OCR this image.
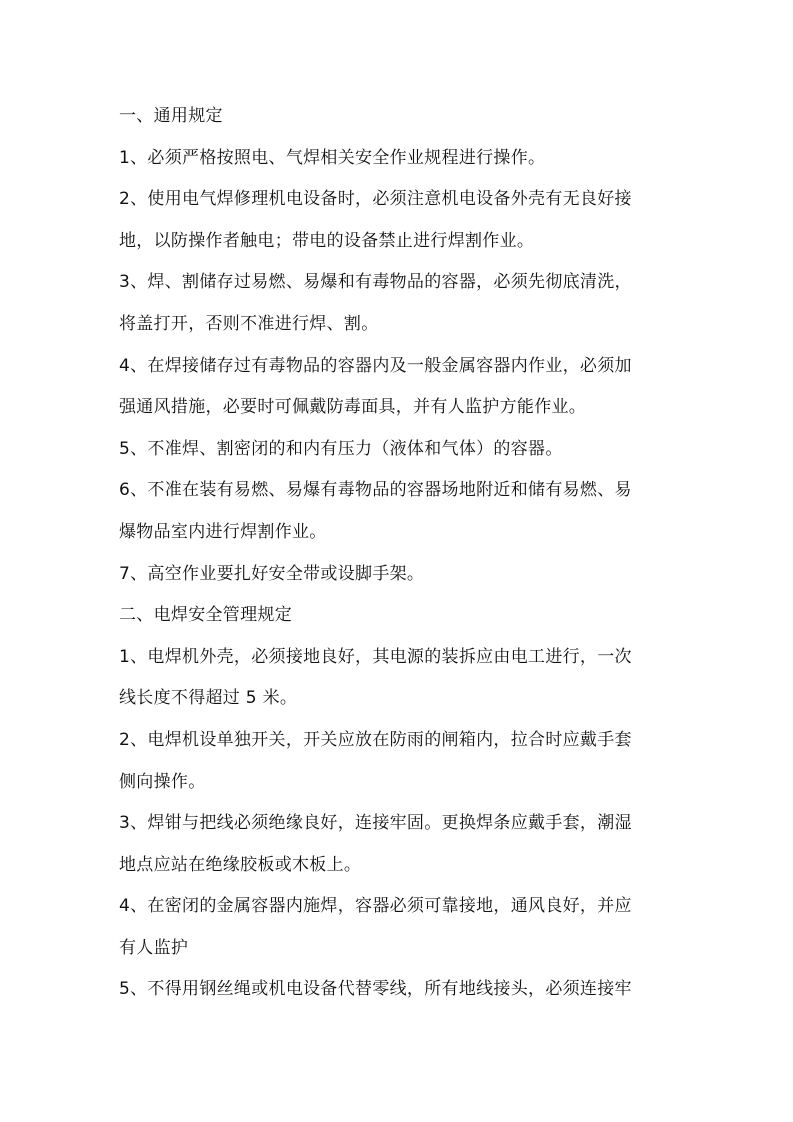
一、通用规定
1、必须严格按照电、气焊相关安全作业规程进行操作。
2、使用电气焊修理机电设备时，必须注意机电设备外壳有无良好接
地，以防操作者触电；带电的设备禁止进行焊割作业。
3、焊、割储存过易燃、易爆和有毒物品的容器，必须先彻底清洗，
将盖打开，否则不准进行焊、割。
4、在焊接储存过有毒物品的容器内及一般金属容器内作业，必须加
强通风措施，必要时可佩戴防毒面具，并有人监护方能作业。
5、不准焊、割密闭的和内有压力（液体和气体）的容器。
6、不准在装有易燃、易爆有毒物品的容器场地附近和储有易燃、易
爆物品室内进行焊割作业。
7、高空作业要扎好安全带或设脚手架。
二、电焊安全管理规定
1、电焊机外壳，必须接地良好，其电源的装拆应由电工进行，一次
线长度不得超过 5 米。
2、电焊机设单独开关，开关应放在防雨的闸箱内，拉合时应戴手套
侧向操作。
3、焊钳与把线必须绝缘良好，连接牢固。更换焊条应戴手套，潮湿
地点应站在绝缘胶板或木板上。
4、在密闭的金属容器内施焊，容器必须可靠接地，通风良好，并应
有人监护
5、不得用钢丝绳或机电设备代替零线，所有地线接头，必须连接牢
